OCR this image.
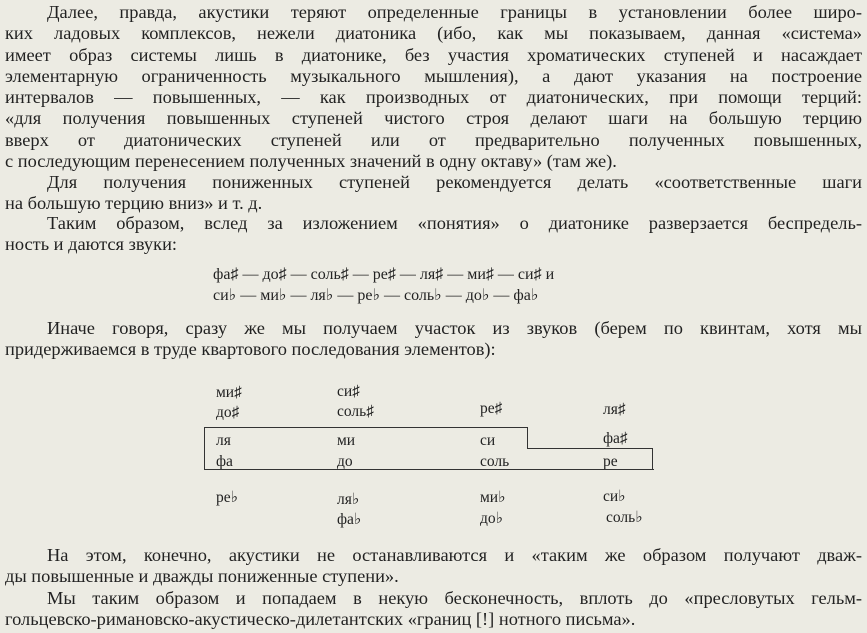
Далее, правда, акустики теряют определенные границы в установлении более широ-
ких ладовых комплексов, нежели диатоника (ибо, как мы показываем, данная «система»
имеет образ системы лишь в диатонике, без участия хроматических ступеней и насаждает
элементарную ограниченность музыкального мышления), а дают указания на построение
интервалов — повышенных, — как производных от диатонических, при помощи терций:
«для получения повышенных ступеней чистого строя делают шаги на большую терцию
вверх от диатонических ступеней или от предварительно полученных повышенных,
с последующим перенесением полученных значений в одну октаву» (там же).
Для получения пониженных ступеней рекомендуется делать «соответственные шаги
на большую терцию вниз» и т. д.
Таким образом, вслед за изложением «понятия» о диатонике разверзается беспредель-
ность и даются звуки:
фа♯ — до♯ — соль♯ — ре♯ — ля♯ — ми♯ — си♯ и
си♭ — ми♭ — ля♭ — ре♭ — соль♭ — до♭ — фа♭
Иначе говоря, сразу же мы получаем участок из звуков (берем по квинтам, хотя мы
придерживаемся в труде квартового последования элементов):
ми♯
до♯
ля
фа
ре♭
си♯
соль♯
ми
до
ля♭
фа♭
ре♯
си
соль
ми♭
до♭
ля♯
фа♯
ре
си♭
соль♭
На этом, конечно, акустики не останавливаются и «таким же образом получают дваж-
ды повышенные и дважды пониженные ступени».
Мы таким образом и попадаем в некую бесконечность, вплоть до «пресловутых гельм-
гольцевско-римановско-акустическо-дилетантских «границ [!] нотного письма».
